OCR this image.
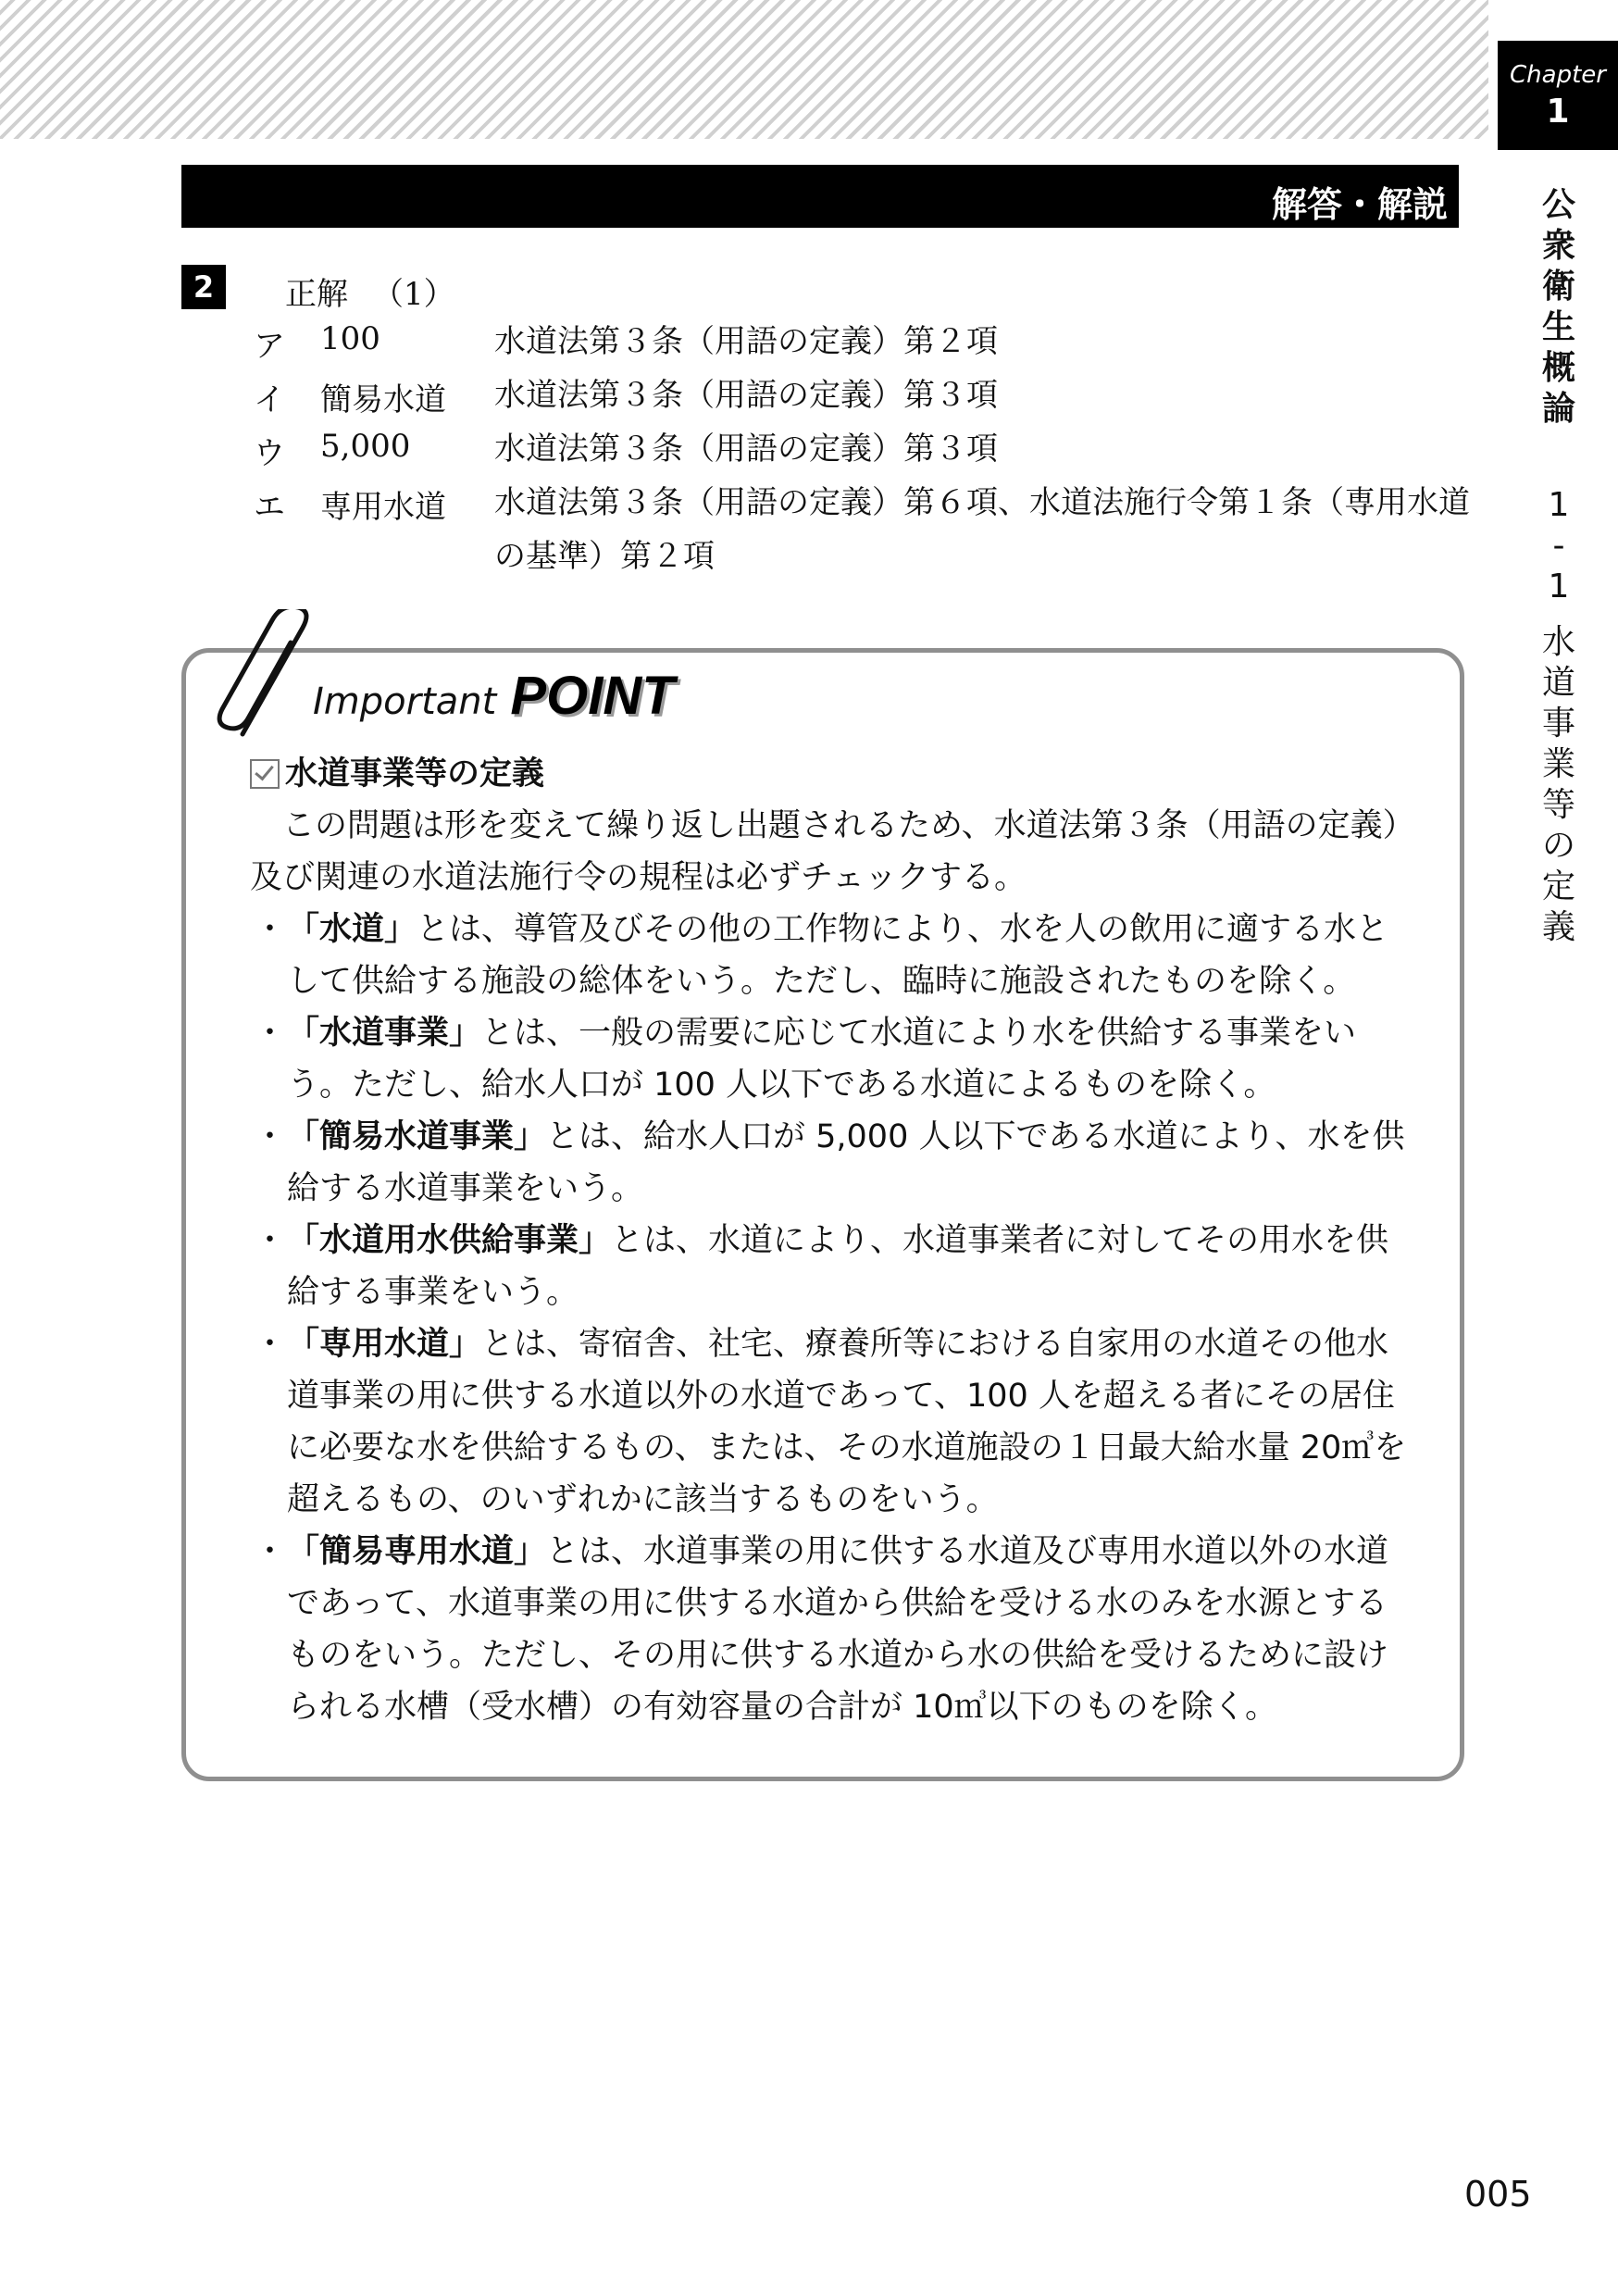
Chapter
1
公
衆
衛
生
概
論
1
-
1
水
道
事
業
等
の
定
義
解答・解説
2	正解 （1）
ア 100	水道法第３条（用語の定義）第２項
イ 簡易水道 水道法第３条（用語の定義）第３項
ウ 5,000	水道法第３条（用語の定義）第３項
エ 専用水道 水道法第３条（用語の定義）第６項、水道法施行令第１条（専用水道の基準）第２項
Important POINT
水道事業等の定義
この問題は形を変えて繰り返し出題されるため、水道法第３条（用語の定義）及び関連の水道法施行令の規程は必ずチェックする。
・ 「水道」とは、導管及びその他の工作物により、水を人の飲用に適する水として供給する施設の総体をいう。ただし、臨時に施設されたものを除く。
・ 「水道事業」とは、一般の需要に応じて水道により水を供給する事業をいう。ただし、給水人口が 100 人以下である水道によるものを除く。
・ 「簡易水道事業」とは、給水人口が 5,000 人以下である水道により、水を供給する水道事業をいう。
・ 「水道用水供給事業」とは、水道により、水道事業者に対してその用水を供給する事業をいう。
・ 「専用水道」とは、寄宿舎、社宅、療養所等における自家用の水道その他水道事業の用に供する水道以外の水道であって、100 人を超える者にその居住に必要な水を供給するもの、または、その水道施設の１日最大給水量 20㎥を超えるもの、のいずれかに該当するものをいう。
・ 「簡易専用水道」とは、水道事業の用に供する水道及び専用水道以外の水道であって、水道事業の用に供する水道から供給を受ける水のみを水源とするものをいう。ただし、その用に供する水道から水の供給を受けるために設けられる水槽（受水槽）の有効容量の合計が 10㎥以下のものを除く。
005
